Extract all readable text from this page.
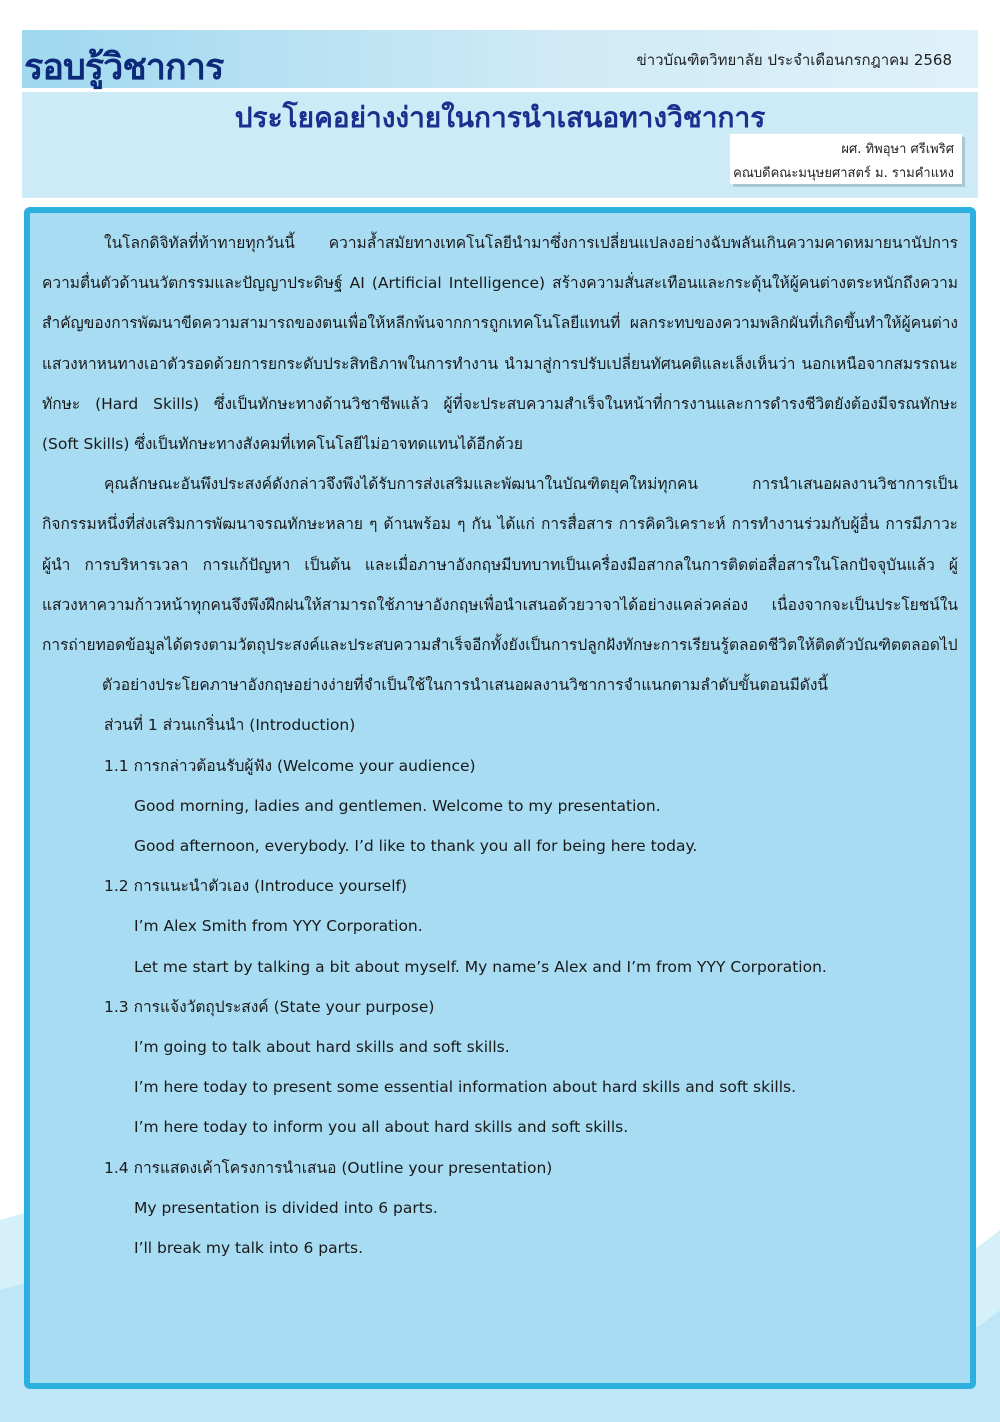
รอบรู้วิชาการ	ข่าวบัณฑิตวิทยาลัย ประจำเดือนกรกฎาคม 2568
ประโยคอย่างง่ายในการนำเสนอทางวิชาการ
ผศ. ทิพอุษา ศรีเพริศ
คณบดีคณะมนุษยศาสตร์ ม. รามคำแหง

ในโลกดิจิทัลที่ท้าทายทุกวันนี้ ความล้ำสมัยทางเทคโนโลยีนำมาซึ่งการเปลี่ยนแปลงอย่างฉับพลันเกินความคาดหมายนานัปการ ความตื่นตัวด้านนวัตกรรมและปัญญาประดิษฐ์ AI (Artificial Intelligence) สร้างความสั่นสะเทือนและกระตุ้นให้ผู้คนต่างตระหนักถึงความสำคัญของการพัฒนาขีดความสามารถของตนเพื่อให้หลีกพ้นจากการถูกเทคโนโลยีแทนที่ ผลกระทบของความพลิกผันที่เกิดขึ้นทำให้ผู้คนต่างแสวงหาหนทางเอาตัวรอดด้วยการยกระดับประสิทธิภาพในการทำงาน นำมาสู่การปรับเปลี่ยนทัศนคติและเล็งเห็นว่า นอกเหนือจากสมรรถนะทักษะ (Hard Skills) ซึ่งเป็นทักษะทางด้านวิชาชีพแล้ว ผู้ที่จะประสบความสำเร็จในหน้าที่การงานและการดำรงชีวิตยังต้องมีจรณทักษะ (Soft Skills) ซึ่งเป็นทักษะทางสังคมที่เทคโนโลยีไม่อาจทดแทนได้อีกด้วย

คุณลักษณะอันพึงประสงค์ดังกล่าวจึงพึงได้รับการส่งเสริมและพัฒนาในบัณฑิตยุคใหม่ทุกคน การนำเสนอผลงานวิชาการเป็นกิจกรรมหนึ่งที่ส่งเสริมการพัฒนาจรณทักษะหลาย ๆ ด้านพร้อม ๆ กัน ได้แก่ การสื่อสาร การคิดวิเคราะห์ การทำงานร่วมกับผู้อื่น การมีภาวะผู้นำ การบริหารเวลา การแก้ปัญหา เป็นต้น และเมื่อภาษาอังกฤษมีบทบาทเป็นเครื่องมือสากลในการติดต่อสื่อสารในโลกปัจจุบันแล้ว ผู้แสวงหาความก้าวหน้าทุกคนจึงพึงฝึกฝนให้สามารถใช้ภาษาอังกฤษเพื่อนำเสนอด้วยวาจาได้อย่างแคล่วคล่อง เนื่องจากจะเป็นประโยชน์ในการถ่ายทอดข้อมูลได้ตรงตามวัตถุประสงค์และประสบความสำเร็จอีกทั้งยังเป็นการปลูกฝังทักษะการเรียนรู้ตลอดชีวิตให้ติดตัวบัณฑิตตลอดไป

ตัวอย่างประโยคภาษาอังกฤษอย่างง่ายที่จำเป็นใช้ในการนำเสนอผลงานวิชาการจำแนกตามลำดับขั้นตอนมีดังนี้

ส่วนที่ 1 ส่วนเกริ่นนำ (Introduction)

1.1 การกล่าวต้อนรับผู้ฟัง (Welcome your audience)

Good morning, ladies and gentlemen. Welcome to my presentation.

Good afternoon, everybody. I’d like to thank you all for being here today.

1.2 การแนะนำตัวเอง (Introduce yourself)

I’m Alex Smith from YYY Corporation.

Let me start by talking a bit about myself. My name’s Alex and I’m from YYY Corporation.

1.3 การแจ้งวัตถุประสงค์ (State your purpose)

I’m going to talk about hard skills and soft skills.

I’m here today to present some essential information about hard skills and soft skills.

I’m here today to inform you all about hard skills and soft skills.

1.4 การแสดงเค้าโครงการนำเสนอ (Outline your presentation)

My presentation is divided into 6 parts.

I’ll break my talk into 6 parts.
